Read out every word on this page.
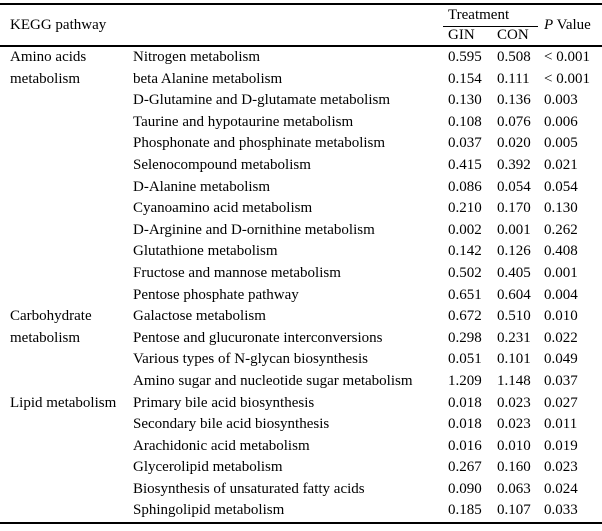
KEGG pathway		Treatment		P Value
		GIN	CON	
Amino acids metabolism	Nitrogen metabolism	0.595	0.508	< 0.001
	beta Alanine metabolism	0.154	0.111	< 0.001
	D-Glutamine and D-glutamate metabolism	0.130	0.136	0.003
	Taurine and hypotaurine metabolism	0.108	0.076	0.006
	Phosphonate and phosphinate metabolism	0.037	0.020	0.005
	Selenocompound metabolism	0.415	0.392	0.021
	D-Alanine metabolism	0.086	0.054	0.054
	Cyanoamino acid metabolism	0.210	0.170	0.130
	D-Arginine and D-ornithine metabolism	0.002	0.001	0.262
	Glutathione metabolism	0.142	0.126	0.408
	Fructose and mannose metabolism	0.502	0.405	0.001
	Pentose phosphate pathway	0.651	0.604	0.004
Carbohydrate metabolism	Galactose metabolism	0.672	0.510	0.010
	Pentose and glucuronate interconversions	0.298	0.231	0.022
	Various types of N-glycan biosynthesis	0.051	0.101	0.049
	Amino sugar and nucleotide sugar metabolism	1.209	1.148	0.037
Lipid metabolism	Primary bile acid biosynthesis	0.018	0.023	0.027
	Secondary bile acid biosynthesis	0.018	0.023	0.011
	Arachidonic acid metabolism	0.016	0.010	0.019
	Glycerolipid metabolism	0.267	0.160	0.023
	Biosynthesis of unsaturated fatty acids	0.090	0.063	0.024
	Sphingolipid metabolism	0.185	0.107	0.033
